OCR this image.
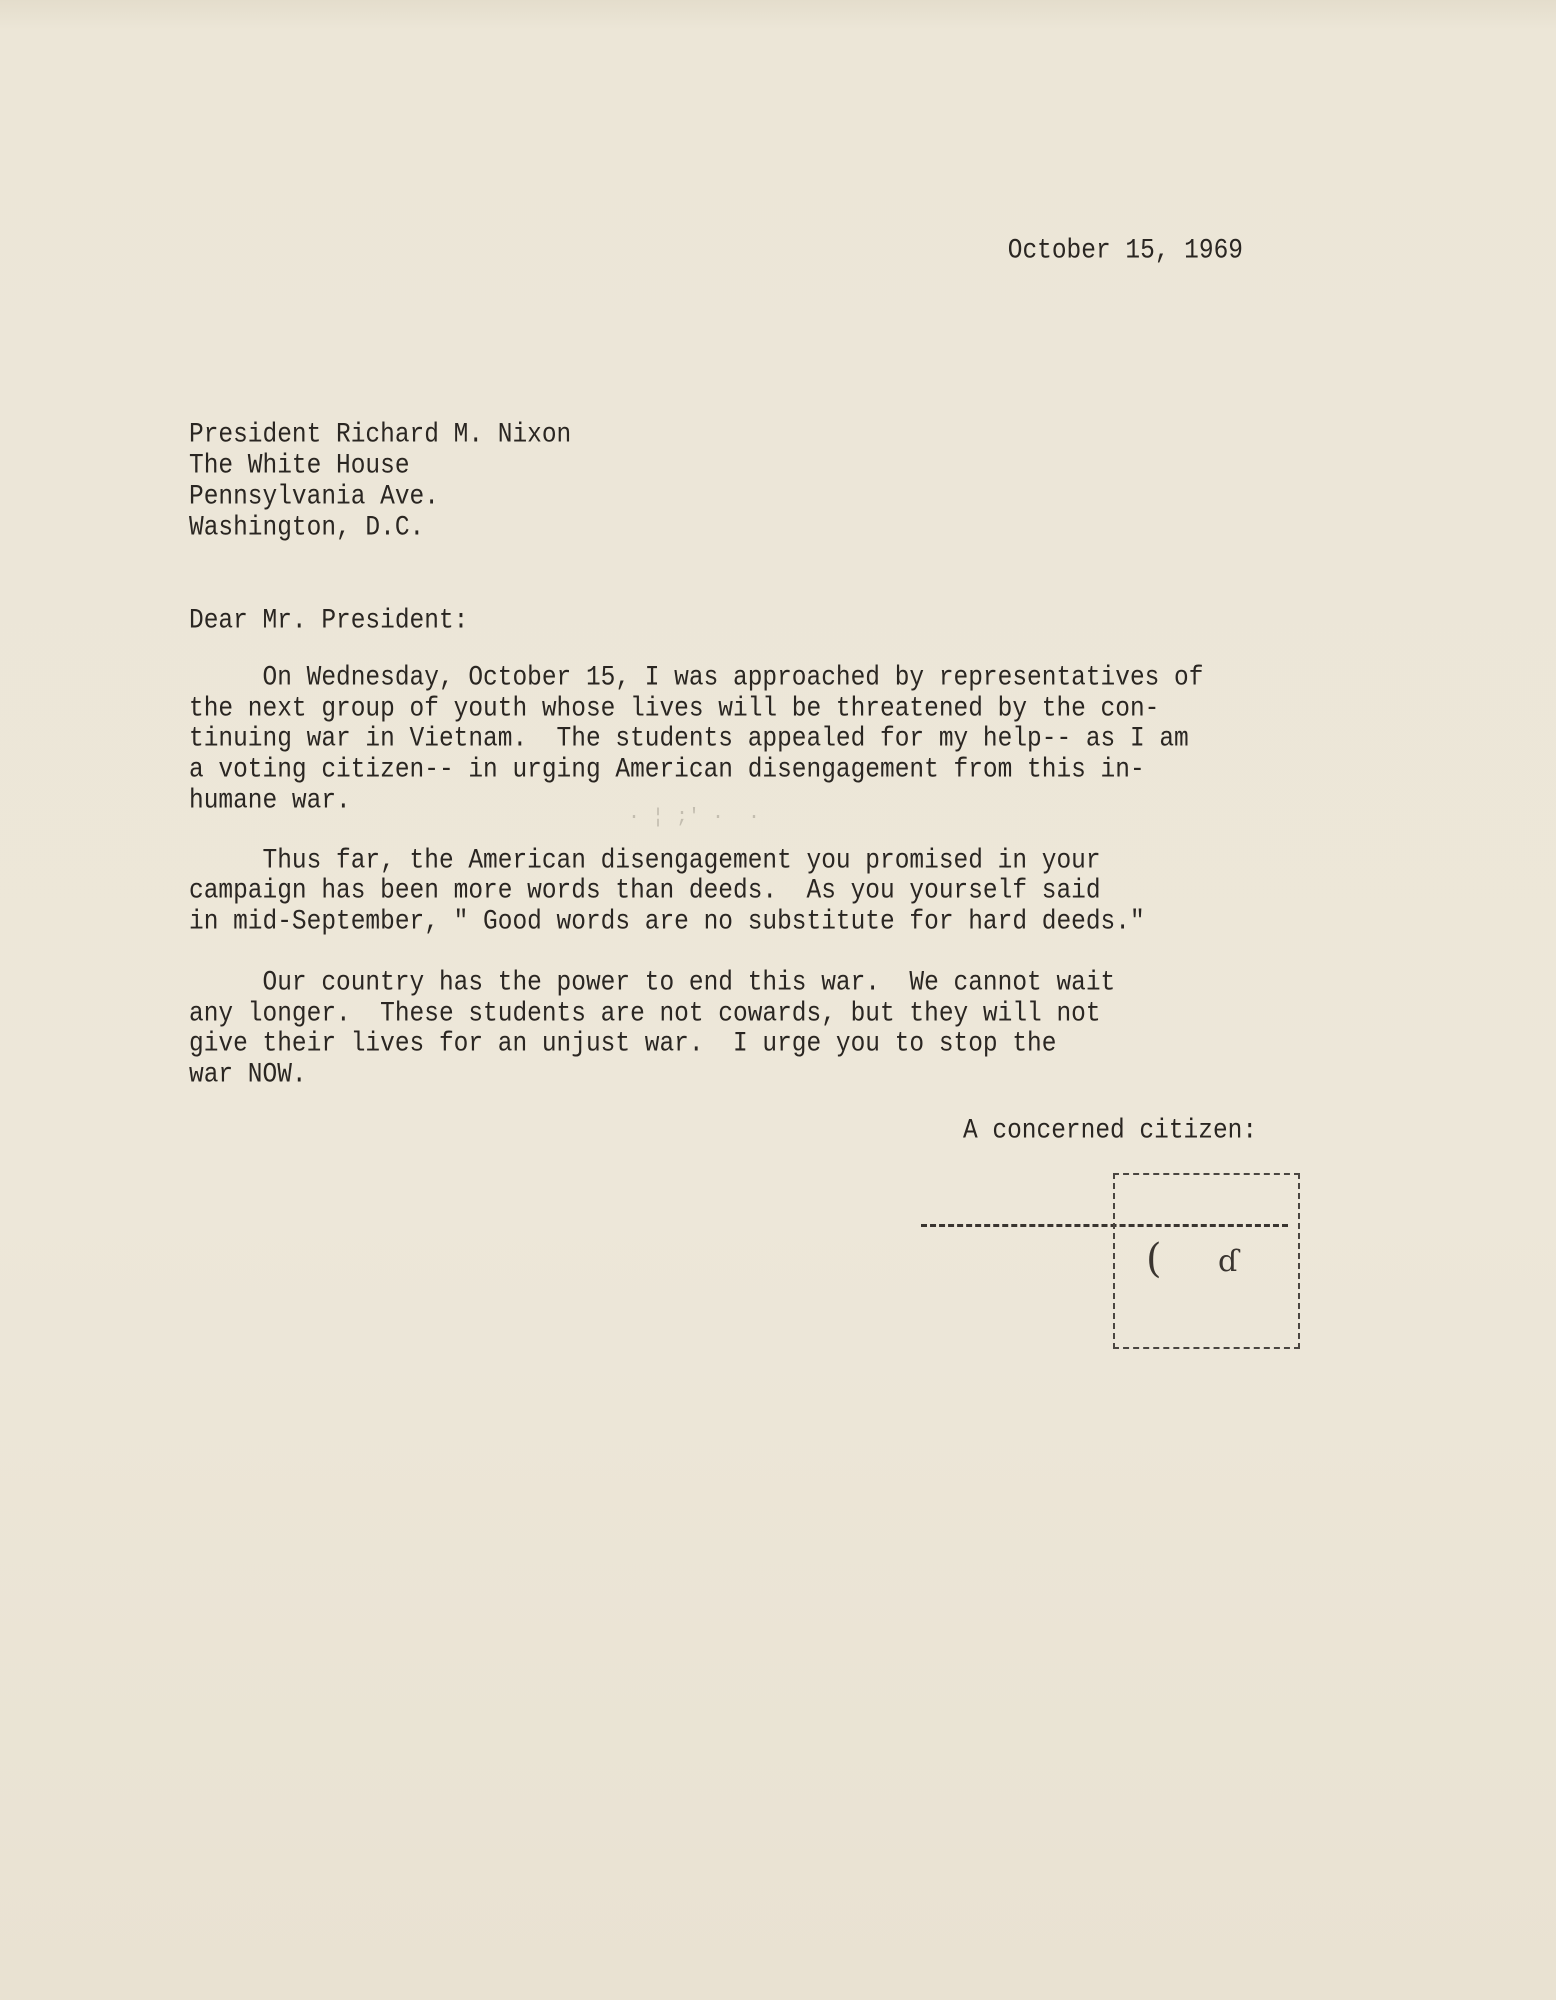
October 15, 1969
President Richard M. Nixon
The White House
Pennsylvania Ave.
Washington, D.C.
Dear Mr. President:
On Wednesday, October 15, I was approached by representatives of
the next group of youth whose lives will be threatened by the con-
tinuing war in Vietnam.  The students appealed for my help-- as I am
a voting citizen-- in urging American disengagement from this in-
humane war.
· ¦ ;' ·  ·
Thus far, the American disengagement you promised in your
campaign has been more words than deeds.  As you yourself said
in mid-September, " Good words are no substitute for hard deeds."
Our country has the power to end this war.  We cannot wait
any longer.  These students are not cowards, but they will not
give their lives for an unjust war.  I urge you to stop the
war NOW.
A concerned citizen:
( ɗ
